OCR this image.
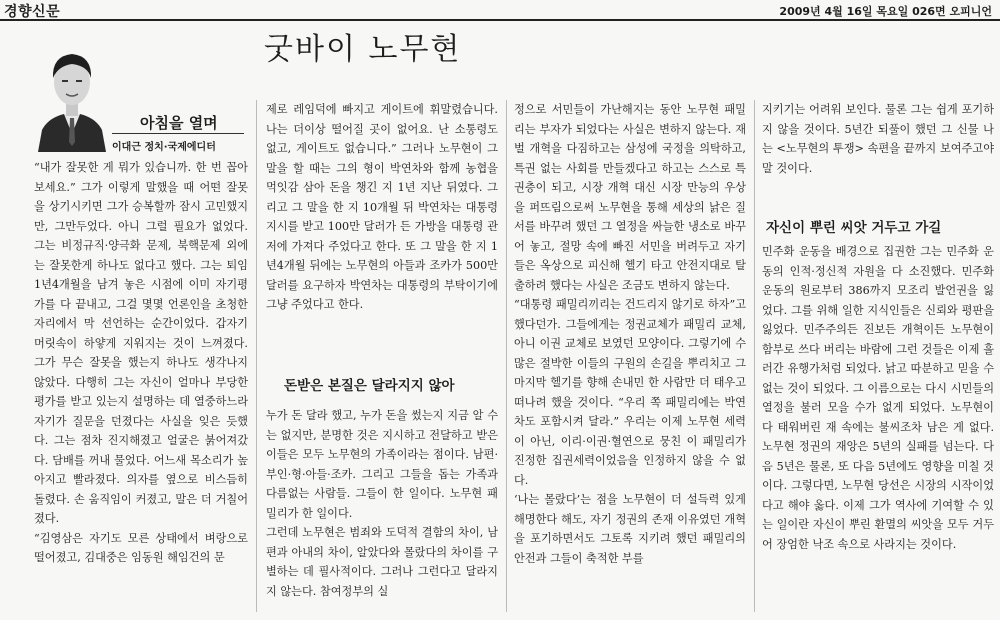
경향신문	2009년 4월 16일 목요일 026면 오피니언
굿바이 노무현
아침을 열며
이대근 정치·국제에디터

“내가 잘못한 게 뭐가 있습니까. 한 번 꼽아 보세요.” 그가 이렇게 말했을 때 어떤 잘못을 상기시키면 그가 승복할까 잠시 고민했지만, 그만두었다. 아니 그럴 필요가 없었다. 그는 비정규직·양극화 문제, 북핵문제 외에는 잘못한게 하나도 없다고 했다. 그는 퇴임 1년4개월을 남겨 놓은 시점에 이미 자기평가를 다 끝내고, 그걸 몇몇 언론인을 초청한 자리에서 막 선언하는 순간이었다. 갑자기 머릿속이 하얗게 지워지는 것이 느껴졌다. 그가 무슨 잘못을 했는지 하나도 생각나지 않았다. 다행히 그는 자신이 얼마나 부당한 평가를 받고 있는지 설명하는 데 열중하느라 자기가 질문을 던졌다는 사실을 잊은 듯했다. 그는 점차 진지해졌고 얼굴은 붉어져갔다. 담배를 꺼내 물었다. 어느새 목소리가 높아지고 빨라졌다. 의자를 옆으로 비스듬히 돌렸다. 손 움직임이 커졌고, 말은 더 거칠어졌다.

“김영삼은 자기도 모른 상태에서 벼랑으로 떨어졌고, 김대중은 임동원 해임건의 문

제로 레임덕에 빠지고 게이트에 휘말렸습니다. 나는 더이상 떨어질 곳이 없어요. 난 소통령도 없고, 게이트도 없습니다.” 그러나 노무현이 그 말을 할 때는 그의 형이 박연차와 함께 농협을 먹잇감 삼아 돈을 챙긴 지 1년 지난 뒤였다. 그리고 그 말을 한 지 10개월 뒤 박연차는 대통령 지시를 받고 100만 달러가 든 가방을 대통령 관저에 가져다 주었다고 한다. 또 그 말을 한 지 1년4개월 뒤에는 노무현의 아들과 조카가 500만달러를 요구하자 박연차는 대통령의 부탁이기에 그냥 주었다고 한다.

돈받은 본질은 달라지지 않아

누가 돈 달라 했고, 누가 돈을 썼는지 지금 알 수는 없지만, 분명한 것은 지시하고 전달하고 받은 이들은 모두 노무현의 가족이라는 점이다. 남편·부인·형·아들·조카. 그리고 그들을 돕는 가족과 다름없는 사람들. 그들이 한 일이다. 노무현 패밀리가 한 일이다.

그런데 노무현은 범죄와 도덕적 결함의 차이, 남편과 아내의 차이, 알았다와 몰랐다의 차이를 구별하는 데 필사적이다. 그러나 그런다고 달라지지 않는다. 참여정부의 실

정으로 서민들이 가난해지는 동안 노무현 패밀리는 부자가 되었다는 사실은 변하지 않는다. 재벌 개혁을 다짐하고는 삼성에 국정을 의탁하고, 특권 없는 사회를 만들겠다고 하고는 스스로 특권층이 되고, 시장 개혁 대신 시장 만능의 우상을 퍼뜨림으로써 노무현을 통해 세상의 낡은 질서를 바꾸려 했던 그 열정을 싸늘한 냉소로 바꾸어 놓고, 절망 속에 빠진 서민을 버려두고 자기들은 옥상으로 피신해 헬기 타고 안전지대로 탈출하려 했다는 사실은 조금도 변하지 않는다.

“대통령 패밀리끼리는 건드리지 않기로 하자”고 했다던가. 그들에게는 정권교체가 패밀리 교체, 아니 이권 교체로 보였던 모양이다. 그렇기에 수많은 절박한 이들의 구원의 손길을 뿌리치고 그 마지막 헬기를 향해 손내민 한 사람만 더 태우고 떠나려 했을 것이다. “우리 쪽 패밀리에는 박연차도 포함시켜 달라.” 우리는 이제 노무현 세력이 아닌, 이리·이권·혈연으로 뭉친 이 패밀리가 진정한 집권세력이었음을 인정하지 않을 수 없다.

‘나는 몰랐다’는 점을 노무현이 더 설득력 있게 해명한다 해도, 자기 정권의 존재 이유였던 개혁을 포기하면서도 그토록 지키려 했던 패밀리의 안전과 그들이 축적한 부를

지키기는 어려워 보인다. 물론 그는 쉽게 포기하지 않을 것이다. 5년간 되풀이 했던 그 신물 나는 <노무현의 투쟁> 속편을 끝까지 보여주고야 말 것이다.

자신이 뿌린 씨앗 거두고 가길

민주화 운동을 배경으로 집권한 그는 민주화 운동의 인적·정신적 자원을 다 소진했다. 민주화 운동의 원로부터 386까지 모조리 발언권을 잃었다. 그를 위해 일한 지식인들은 신뢰와 평판을 잃었다. 민주주의든 진보든 개혁이든 노무현이 함부로 쓰다 버리는 바람에 그런 것들은 이제 흘러간 유행가처럼 되었다. 낡고 따분하고 믿을 수 없는 것이 되었다. 그 이름으로는 다시 시민들의 열정을 불러 모을 수가 없게 되었다. 노무현이 다 태워버린 재 속에는 불씨조차 남은 게 없다. 노무현 정권의 재앙은 5년의 실패를 넘는다. 다음 5년은 물론, 또 다음 5년에도 영향을 미칠 것이다. 그렇다면, 노무현 당선은 시장의 시작이었다고 해야 옳다. 이제 그가 역사에 기여할 수 있는 일이란 자신이 뿌린 환멸의 씨앗을 모두 거두어 장엄한 낙조 속으로 사라지는 것이다.
